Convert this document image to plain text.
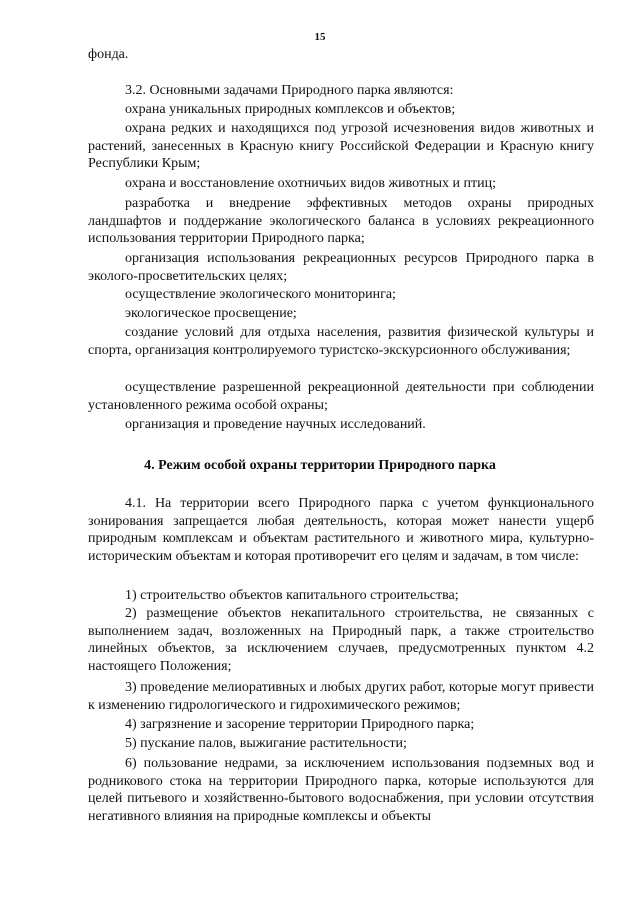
15

фонда.

3.2. Основными задачами Природного парка являются:

охрана уникальных природных комплексов и объектов;

охрана редких и находящихся под угрозой исчезновения видов животных и растений, занесенных в Красную книгу Российской Федерации и Красную книгу Республики Крым;

охрана и восстановление охотничьих видов животных и птиц;

разработка и внедрение эффективных методов охраны природных ландшафтов и поддержание экологического баланса в условиях рекреационного использования территории Природного парка;

организация использования рекреационных ресурсов Природного парка в эколого-просветительских целях;

осуществление экологического мониторинга;

экологическое просвещение;

создание условий для отдыха населения, развития физической культуры и спорта, организация контролируемого туристско-экскурсионного обслуживания;

осуществление разрешенной рекреационной деятельности при соблюдении установленного режима особой охраны;

организация и проведение научных исследований.

4. Режим особой охраны территории Природного парка

4.1. На территории всего Природного парка с учетом функционального зонирования запрещается любая деятельность, которая может нанести ущерб природным комплексам и объектам растительного и животного мира, культурно-историческим объектам и которая противоречит его целям и задачам, в том числе:

1) строительство объектов капитального строительства;

2) размещение объектов некапитального строительства, не связанных с выполнением задач, возложенных на Природный парк, а также строительство линейных объектов, за исключением случаев, предусмотренных пунктом 4.2 настоящего Положения;

3) проведение мелиоративных и любых других работ, которые могут привести к изменению гидрологического и гидрохимического режимов;

4) загрязнение и засорение территории Природного парка;

5) пускание палов, выжигание растительности;

6) пользование недрами, за исключением использования подземных вод и родникового стока на территории Природного парка, которые используются для целей питьевого и хозяйственно-бытового водоснабжения, при условии отсутствия негативного влияния на природные комплексы и объекты
